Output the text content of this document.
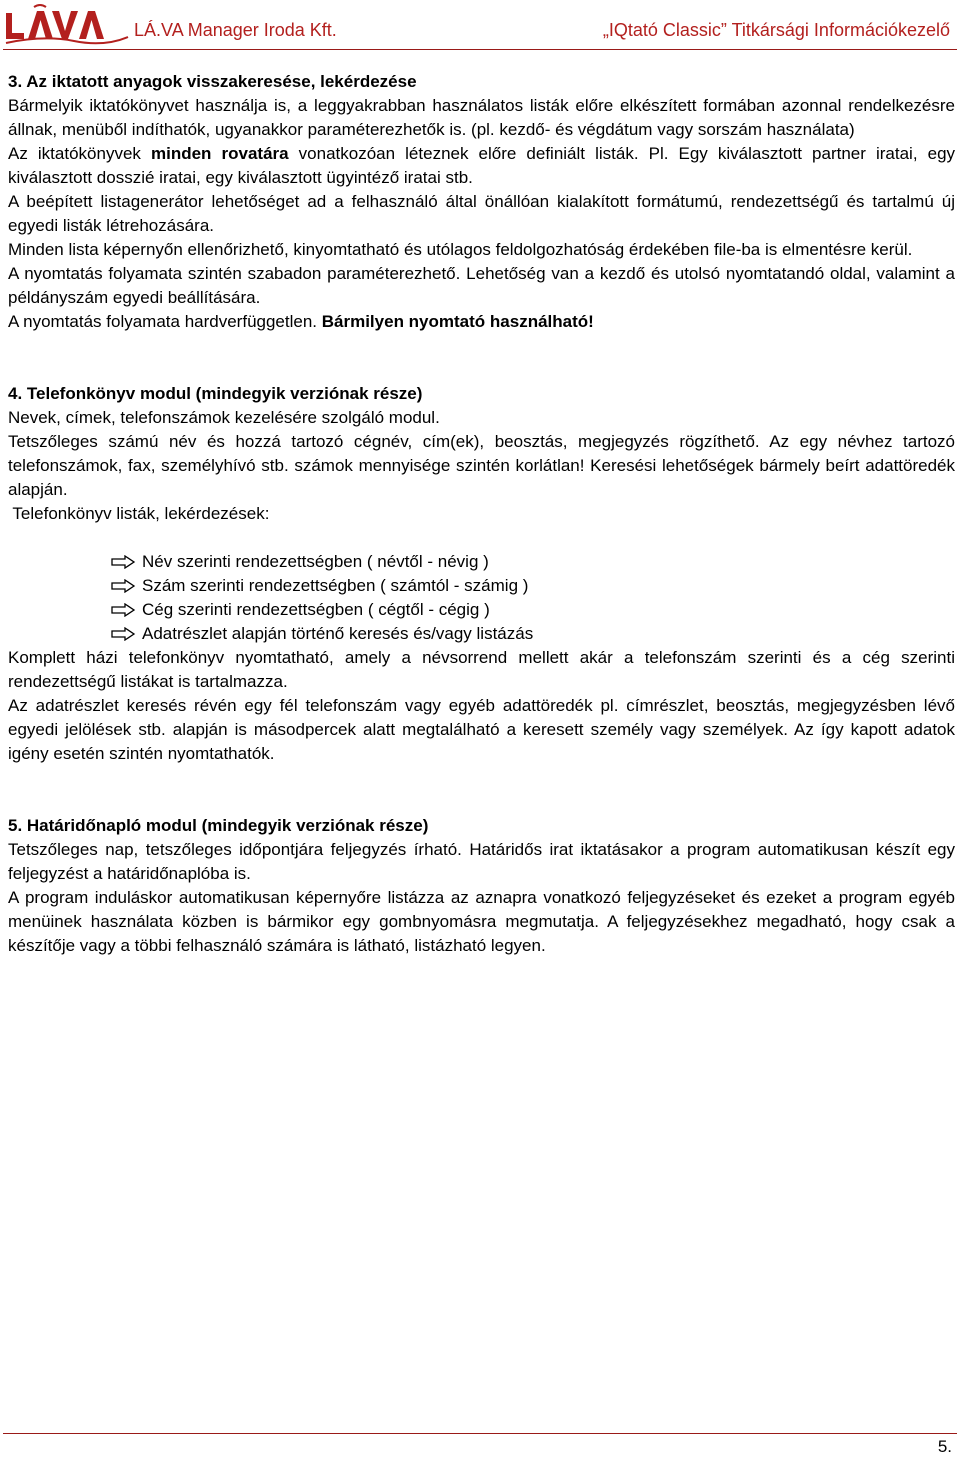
LÁVA
LÁ.VA Manager Iroda Kft.	„IQtató Classic” Titkársági Információkezelő
3. Az iktatott anyagok visszakeresése, lekérdezése

Bármelyik iktatókönyvet használja is, a leggyakrabban használatos listák előre elkészített formában azonnal rendelkezésre állnak, menüből indíthatók, ugyanakkor paraméterezhetők is. (pl. kezdő- és végdátum vagy sorszám használata)

Az iktatókönyvek minden rovatára vonatkozóan léteznek előre definiált listák. Pl. Egy kiválasztott partner iratai, egy kiválasztott dosszié iratai, egy kiválasztott ügyintéző iratai stb.

A beépített listagenerátor lehetőséget ad a felhasználó által önállóan kialakított formátumú, rendezettségű és tartalmú új egyedi listák létrehozására.

Minden lista képernyőn ellenőrizhető, kinyomtatható és utólagos feldolgozhatóság érdekében file-ba is elmentésre kerül.

A nyomtatás folyamata szintén szabadon paraméterezhető. Lehetőség van a kezdő és utolsó nyomtatandó oldal, valamint a példányszám egyedi beállítására.

A nyomtatás folyamata hardverfüggetlen. Bármilyen nyomtató használható!

4. Telefonkönyv modul (mindegyik verziónak része)

Nevek, címek, telefonszámok kezelésére szolgáló modul.

Tetszőleges számú név és hozzá tartozó cégnév, cím(ek), beosztás, megjegyzés rögzíthető. Az egy névhez tartozó telefonszámok, fax, személyhívó stb. számok mennyisége szintén korlátlan! Keresési lehetőségek bármely beírt adattöredék alapján.

Telefonkönyv listák, lekérdezések:

Név szerinti rendezettségben ( névtől - névig )
Szám szerinti rendezettségben ( számtól - számig )
Cég szerinti rendezettségben ( cégtől - cégig )
Adatrészlet alapján történő keresés és/vagy listázás

Komplett házi telefonkönyv nyomtatható, amely a névsorrend mellett akár a telefonszám szerinti és a cég szerinti rendezettségű listákat is tartalmazza.

Az adatrészlet keresés révén egy fél telefonszám vagy egyéb adattöredék pl. címrészlet, beosztás, megjegyzésben lévő egyedi jelölések stb. alapján is másodpercek alatt megtalálható a keresett személy vagy személyek. Az így kapott adatok igény esetén szintén nyomtathatók.

5. Határidőnapló modul (mindegyik verziónak része)

Tetszőleges nap, tetszőleges időpontjára feljegyzés írható. Határidős irat iktatásakor a program automatikusan készít egy feljegyzést a határidőnaplóba is.

A program induláskor automatikusan képernyőre listázza az aznapra vonatkozó feljegyzéseket és ezeket a program egyéb menüinek használata közben is bármikor egy gombnyomásra megmutatja. A feljegyzésekhez megadható, hogy csak a készítője vagy a többi felhasználó számára is látható, listázható legyen.

5.
